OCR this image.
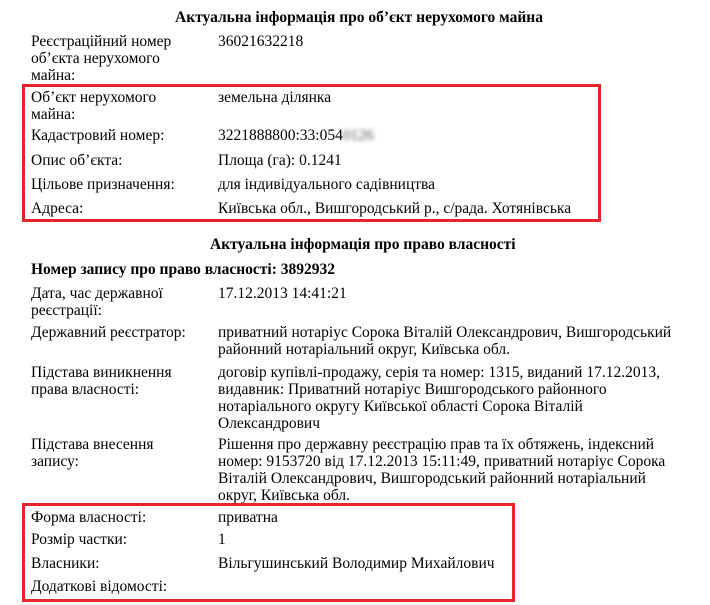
Актуальна інформація про об’єкт нерухомого майна
Реєстраційний номер
об’єкта нерухомого
майна:
36021632218
Об’єкт нерухомого
майна:
земельна ділянка
Кадастровий номер:	3221888800:33:0540126
Опис об’єкта:	Площа (га): 0.1241
Цільове призначення:	для індивідуального садівництва
Адреса:	Київська обл., Вишгородський р., с/рада. Хотянівська
Актуальна інформація про право власності
Номер запису про право власності: 3892932
Дата, час державної
реєстрації:
17.12.2013 14:41:21
Державний реєстратор: приватний нотаріус Сорока Віталій Олександрович, Вишгородський
районний нотаріальний округ, Київська обл.
Підстава виникнення
права власності:
договір купівлі-продажу, серія та номер: 1315, виданий 17.12.2013,
видавник: Приватний нотаріус Вишгородського районного
нотаріального округу Київської області Сорока Віталій
Олександрович
Підстава внесення
запису:
Рішення про державну реєстрацію прав та їх обтяжень, індексний
номер: 9153720 від 17.12.2013 15:11:49, приватний нотаріус Сорока
Віталій Олександрович, Вишгородський районний нотаріальний
округ, Київська обл.
Форма власності:	приватна
Розмір частки:	1
Власники:	Вільгушинський Володимир Михайлович
Додаткові відомості:
